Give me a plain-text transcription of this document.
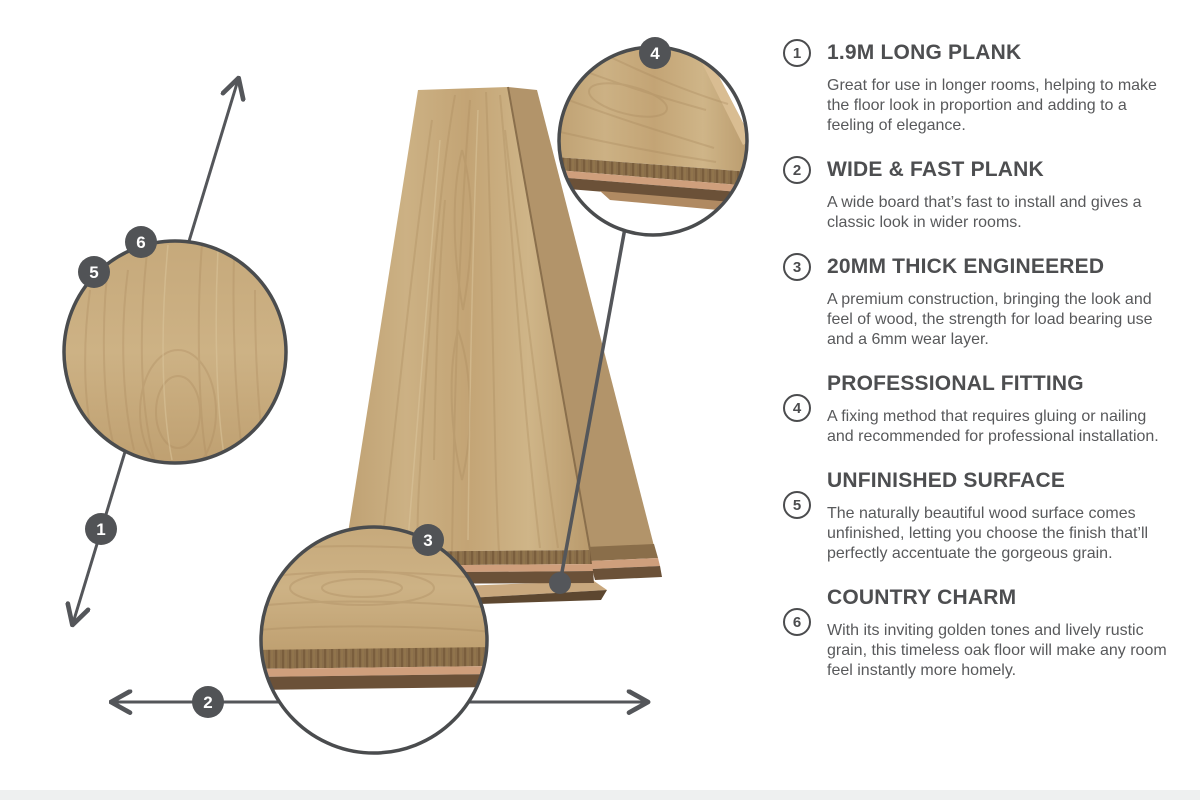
1
2
3
4
5
6
1	1.9M LONG PLANK

Great for use in longer rooms, helping to make the floor look in proportion and adding to a feeling of elegance.

2	WIDE & FAST PLANK

A wide board that’s fast to install and gives a classic look in wider rooms.

3	20MM THICK ENGINEERED

A premium construction, bringing the look and feel of wood, the strength for load bearing use and a 6mm wear layer.

4
PROFESSIONAL FITTING

A fixing method that requires gluing or nailing and recommended for professional installation.

5
UNFINISHED SURFACE

The naturally beautiful wood surface comes unfinished, letting you choose the finish that’ll perfectly accentuate the gorgeous grain.

6
COUNTRY CHARM

With its inviting golden tones and lively rustic grain, this timeless oak floor will make any room feel instantly more homely.
